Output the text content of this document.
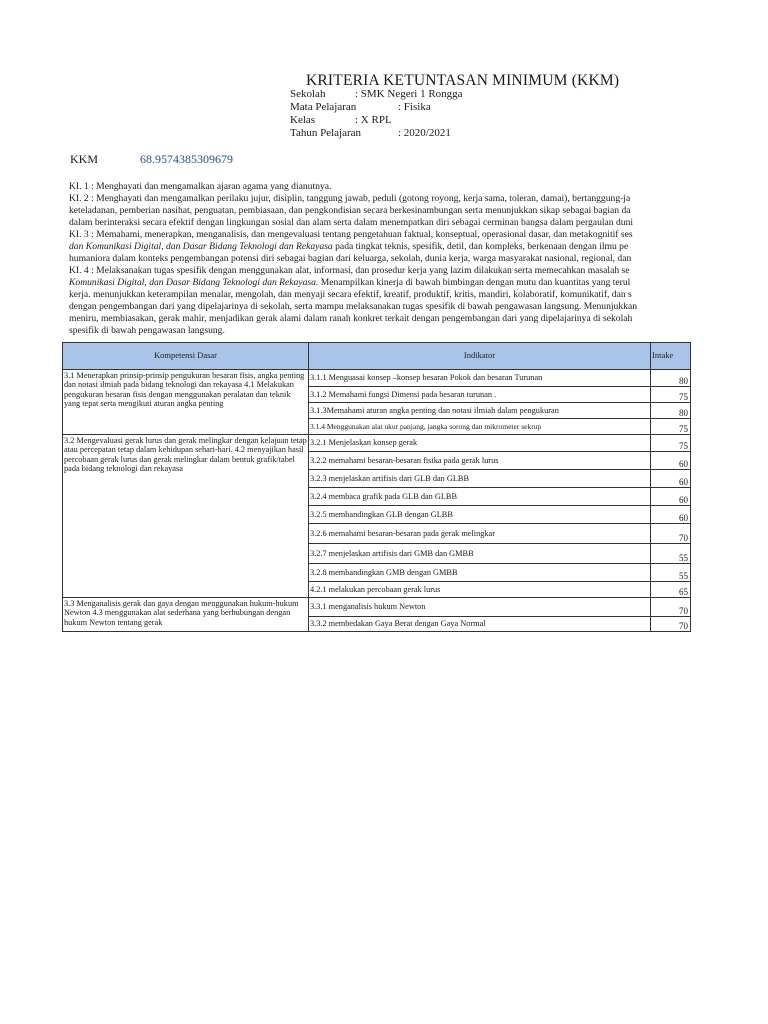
KRITERIA KETUNTASAN MINIMUM (KKM)
Sekolah	: SMK Negeri 1 Rongga
Mata Pelajaran	: Fisika
Kelas	: X RPL
Tahun Pelajaran	: 2020/2021
KKM	68.9574385309679
KI. 1 : Menghayati dan mengamalkan ajaran agama yang dianutnya.
KI. 2 : Menghayati dan mengamalkan perilaku jujur, disiplin, tanggung jawab, peduli (gotong royong, kerja sama, toleran, damai), bertanggung-ja
keteladanan, pemberian nasihat, penguatan, pembiasaan, dan pengkondisian secara berkesinambungan serta menunjukkan sikap sebagai bagian da
dalam berinteraksi secara efektif dengan lingkungan sosial dan alam serta dalam menempatkan diri sebagai cerminan bangsa dalam pergaulan duni
KI. 3 : Memahami, menerapkan, menganalisis, dan mengevaluasi tentang pengetahuan faktual, konseptual, operasional dasar, dan metakognitif ses
dan Komunikasi Digital, dan Dasar Bidang Teknologi dan Rekayasa pada tingkat teknis, spesifik, detil, dan kompleks, berkenaan dengan ilmu pe
humaniora dalam konteks pengembangan potensi diri sebagai bagian dari keluarga, sekolah, dunia kerja, warga masyarakat nasional, regional, dan
KI. 4 : Melaksanakan tugas spesifik dengan menggunakan alat, informasi, dan prosedur kerja yang lazim dilakukan serta memecahkan masalah se
Komunikasi Digital, dan Dasar Bidang Teknologi dan Rekayasa. Menampilkan kinerja di bawah bimbingan dengan mutu dan kuantitas yang terul
kerja. menunjukkan keterampilan menalar, mengolah, dan menyaji secara efektif, kreatif, produktif, kritis, mandiri, kolaboratif, komunikatif, dan s
dengan pengembangan dari yang dipelajarinya di sekolah, serta mampu melaksanakan tugas spesifik di bawah pengawasan langsung. Menunjukkan
meniru, membiasakan, gerak mahir, menjadikan gerak alami dalam ranah konkret terkait dengan pengembangan dari yang dipelajarinya di sekolah
spesifik di bawah pengawasan langsung.
Kompetensi Dasar	Indikator	Intake
3.1 Menerapkan prinsip-prinsip pengukuran besaran fisis, angka penting dan notasi ilmiah pada bidang teknologi dan rekayasa 4.1 Melakukan pengukuran besaran fisis dengan menggunakan peralatan dan teknik yang tepat serta mengikuti aturan angka penting	3.1.1 Menguasai konsep –konsep besaran Pokok dan besaran Turunan	80
	3.1.2 Memahami fungsi Dimensi pada besaran turunan .	75
	3.1.3Memahami aturan angka penting dan notasi ilmiah dalam pengukuran	80
	3.1.4 Menggunakan alat ukur panjang, jangka sorong dan mikrometer sekrup	75
3.2 Mengevaluasi gerak lurus dan gerak melingkar dengan kelajuan tetap atau percepatan tetap dalam kehidupan sehari-hari. 4.2 menyajikan hasil percobaan gerak lurus dan gerak melingkar dalam bentuk grafik/tabel pada bidang teknologi dan rekayasa	3.2.1 Menjelaskan konsep gerak	75
	3.2.2 memahami besaran-besaran fisika pada gerak lurus	60
	3.2.3 menjelaskan artifisis dari GLB dan GLBB	60
	3.2.4 membaca grafik pada GLB dan GLBB	60
	3.2.5 membandingkan GLB dengan GLBB	60
	3.2.6 memahami besaran-besaran pada gerak melingkar	70
	3.2.7 menjelaskan artifisis dari GMB dan GMBB	55
	3.2.8 membandingkan GMB dengan GMBB	55
	4.2.1 melakukan percobaan gerak lurus	65
3.3 Menganalisis gerak dan gaya dengan menggunakan hukum-hukum Newton 4.3 menggunakan alat sederhana yang berhubungan dengan hukum Newton tentang gerak	3.3.1 menganalisis hukum Newton	70
	3.3.2 membedakan Gaya Berat dengan Gaya Normal	70
